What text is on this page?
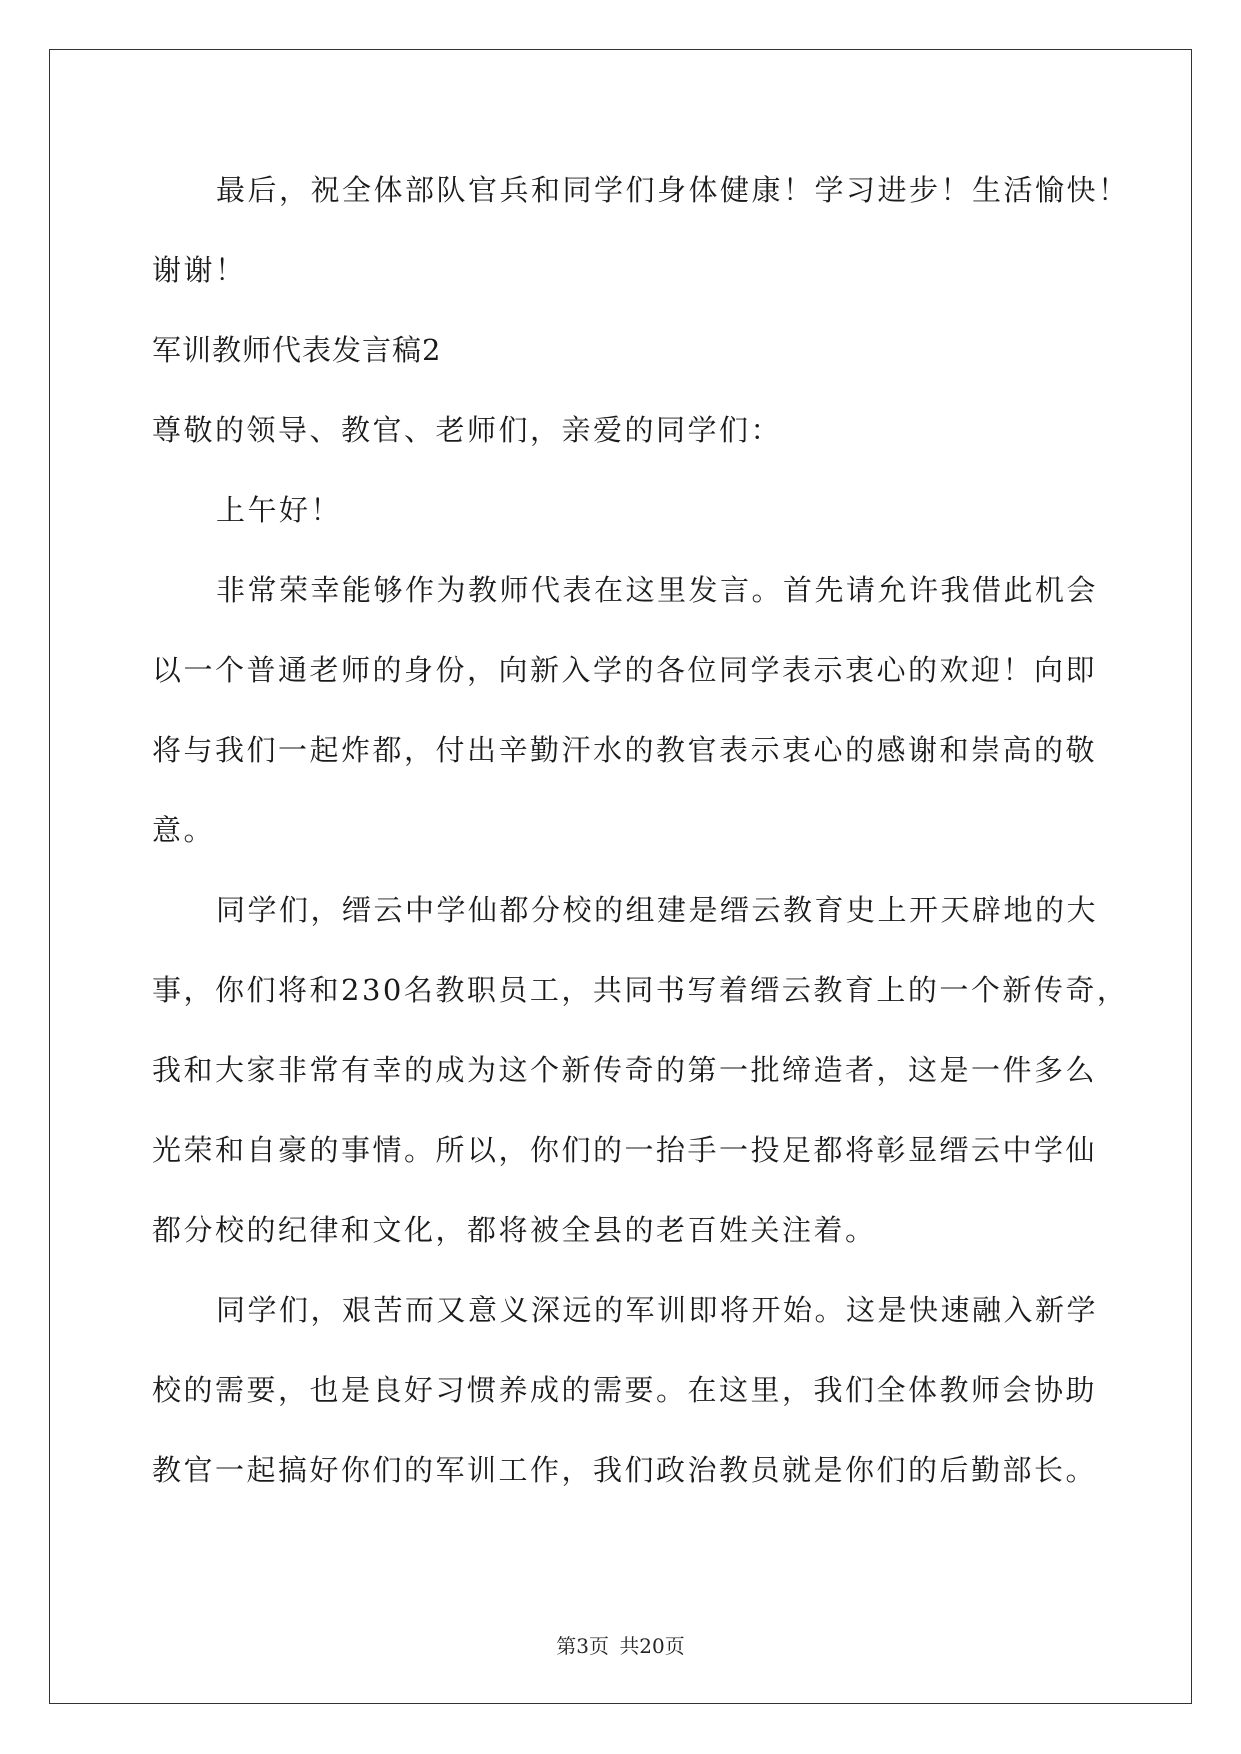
最后，祝全体部队官兵和同学们身体健康！学习进步！生活愉快！
谢谢！
军训教师代表发言稿2
尊敬的领导、教官、老师们，亲爱的同学们：
上午好！
非常荣幸能够作为教师代表在这里发言。首先请允许我借此机会
以一个普通老师的身份，向新入学的各位同学表示衷心的欢迎！向即
将与我们一起炸都，付出辛勤汗水的教官表示衷心的感谢和崇高的敬
意。
同学们，缙云中学仙都分校的组建是缙云教育史上开天辟地的大
事，你们将和230名教职员工，共同书写着缙云教育上的一个新传奇，
我和大家非常有幸的成为这个新传奇的第一批缔造者，这是一件多么
光荣和自豪的事情。所以，你们的一抬手一投足都将彰显缙云中学仙
都分校的纪律和文化，都将被全县的老百姓关注着。
同学们，艰苦而又意义深远的军训即将开始。这是快速融入新学
校的需要，也是良好习惯养成的需要。在这里，我们全体教师会协助
教官一起搞好你们的军训工作，我们政治教员就是你们的后勤部长。
第3页 共20页
